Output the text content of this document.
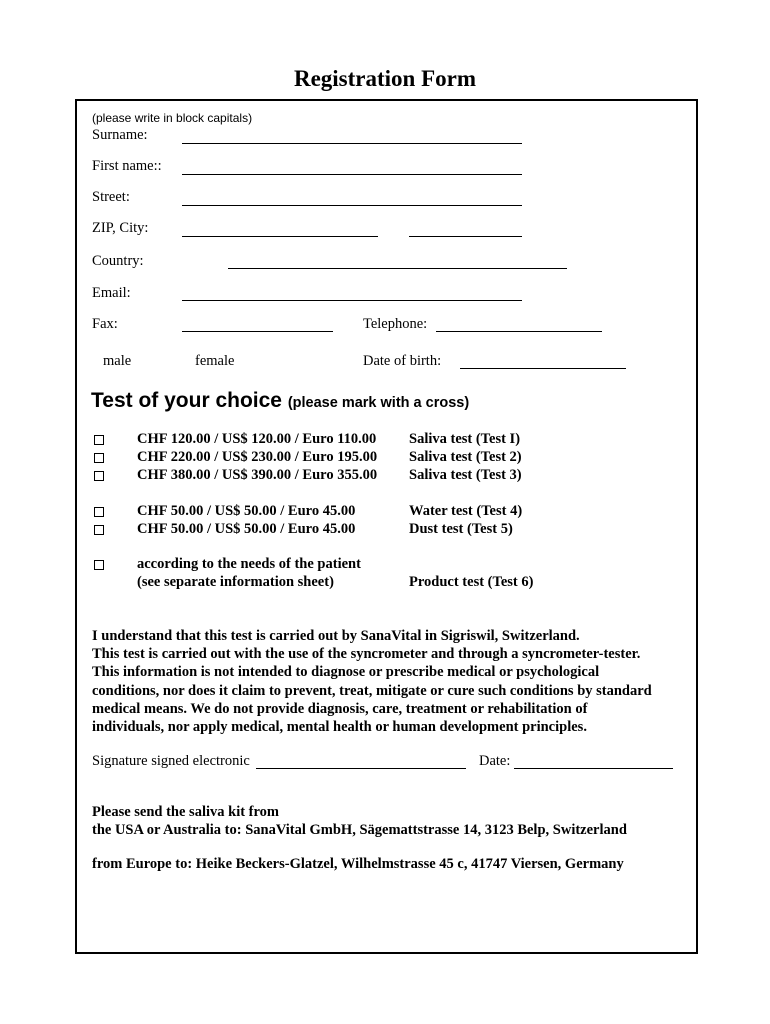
Registration Form
(please write in block capitals)
Surname:
First name::
Street:
ZIP, City:
Country:
Email:
Fax:	Telephone:
male	female	Date of birth:
Test of your choice (please mark with a cross)
CHF 120.00 / US$ 120.00 / Euro 110.00 Saliva test (Test I)
CHF 220.00 / US$ 230.00 / Euro 195.00 Saliva test (Test 2)
CHF 380.00 / US$ 390.00 / Euro 355.00 Saliva test (Test 3)
CHF 50.00 / US$ 50.00 / Euro 45.00	Water test (Test 4)
CHF 50.00 / US$ 50.00 / Euro 45.00	Dust test (Test 5)
according to the needs of the patient
(see separate information sheet)	Product test (Test 6)
I understand that this test is carried out by SanaVital in Sigriswil, Switzerland.
This test is carried out with the use of the syncrometer and through a syncrometer-tester.
This information is not intended to diagnose or prescribe medical or psychological
conditions, nor does it claim to prevent, treat, mitigate or cure such conditions by standard
medical means. We do not provide diagnosis, care, treatment or rehabilitation of
individuals, nor apply medical, mental health or human development principles.
Signature signed electronic	Date:
Please send the saliva kit from
the USA or Australia to: SanaVital GmbH, Sägemattstrasse 14, 3123 Belp, Switzerland
from Europe to: Heike Beckers-Glatzel, Wilhelmstrasse 45 c, 41747 Viersen, Germany
